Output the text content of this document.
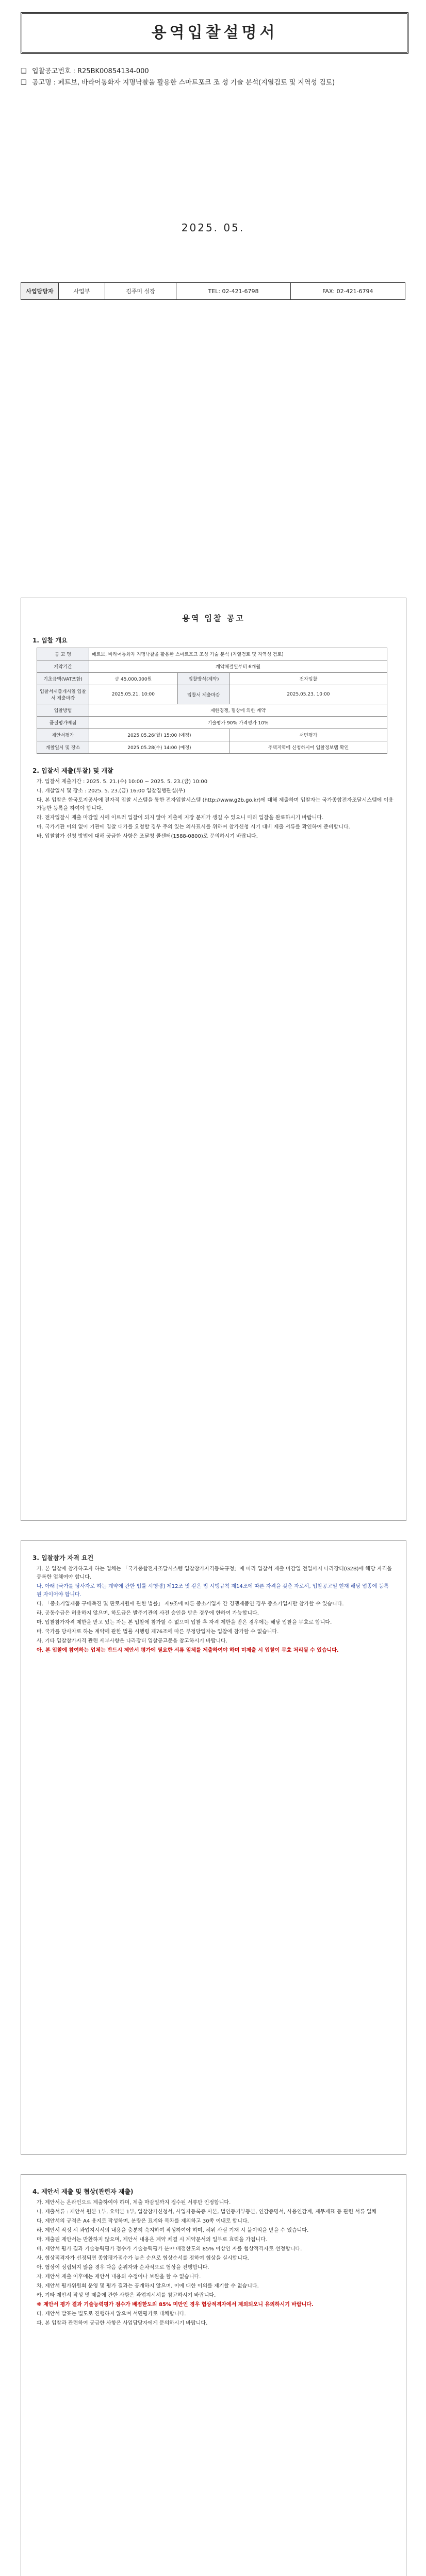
용역입찰설명서
❑ 입찰공고번호 : R25BK00854134-000
❑ 공고명 : 페트보, 바라어통화자 지명낙찰을 활용한 스마트포크 조 성 기술 분석(지열검토 및 지역성 검토)
2025. 05.
사업담당자	사업부	김주미 실장	TEL: 02-421-6798	FAX: 02-421-6794
용역 입찰 공고
1. 입찰 개요
공 고 명	페트보, 바라어통화자 지명낙찰을 활용한 스마트포크 조성 기술 분석 (지열검토 및 지역성 검토)		
계약기간	계약체결일부터 6개월		
기초금액(VAT포함)	금 45,000,000원	입찰방식(계약)	전자입찰
입찰서제출개시일 입찰서 제출마감	2025.05.21. 10:00	입찰서 제출마감	2025.05.23. 10:00
입찰방법	제한경쟁, 협상에 의한 계약		
품질평가배점	기술평가 90% 가격평가 10%		
제안서평가	2025.05.26(월) 15:00 (예정)		서면평가
개찰일시 및 장소	2025.05.28(수) 14:00 (예정)		주택지역에 신청하시어 입찰정보탭 확인
2. 입찰서 제출(투찰) 및 개찰
가. 입찰서 제출기간 : 2025. 5. 21.(수) 10:00 ~ 2025. 5. 23.(금) 10:00
나. 개찰일시 및 장소 : 2025. 5. 23.(금) 16:00 입찰집행관실(우)
다. 본 입찰은 한국토지공사에 전자적 입찰 시스템을 통한 전자입찰시스템 (http://www.g2b.go.kr)에 대해 제출하며 입찰자는 국가종합전자조달시스템에 이용 가능한 등록을 하여야 합니다.
라. 전자입찰시 제출 마감일 시에 이르러 입찰이 되지 않아 제출에 지장 문제가 생길 수 있으니 미리 입찰을 완료하시기 바랍니다.
마. 국가기관 이의 없이 기관에 입찰 대가를 요청할 경우 주의 있는 의사표시를 위하여 참가신청 시기 대비 제출 서류를 확인하여 준비합니다.
바. 입찰참가 신청 방법에 대해 궁금한 사항은 조달청 콜센터(1588-0800)로 문의하시기 바랍니다.
3. 입찰참가 자격 요건
가. 본 입찰에 참가하고자 하는 업체는 「국가종합전자조달시스템 입찰참가자격등록규정」에 따라 입찰서 제출 마감일 전일까지 나라장터(G2B)에 해당 자격을 등록한 업체여야 합니다.
나. 아래 [국가를 당사자로 하는 계약에 관한 법률 시행령] 제12조 및 같은 법 시행규칙 제14조에 따른 자격을 갖춘 자로서, 입찰공고일 현재 해당 업종에 등록된 자이어야 합니다.
다. 「중소기업제품 구매촉진 및 판로지원에 관한 법률」 제9조에 따른 중소기업자 간 경쟁제품인 경우 중소기업자만 참가할 수 있습니다.
라. 공동수급은 허용하지 않으며, 하도급은 발주기관의 사전 승인을 받은 경우에 한하여 가능합니다.
마. 입찰참가자격 제한을 받고 있는 자는 본 입찰에 참가할 수 없으며 입찰 후 자격 제한을 받은 경우에는 해당 입찰을 무효로 합니다.
바. 국가를 당사자로 하는 계약에 관한 법률 시행령 제76조에 따른 부정당업자는 입찰에 참가할 수 없습니다.
사. 기타 입찰참가자격 관련 세부사항은 나라장터 입찰공고문을 참고하시기 바랍니다.
아. 본 입찰에 참여하는 업체는 반드시 제안서 평가에 필요한 서류 일체를 제출하여야 하며 미제출 시 입찰이 무효 처리될 수 있습니다.
4. 제안서 제출 및 협상(관련자 제출)
가. 제안서는 온라인으로 제출하여야 하며, 제출 마감일까지 접수된 서류만 인정합니다.
나. 제출서류 : 제안서 원본 1부, 요약본 1부, 입찰참가신청서, 사업자등록증 사본, 법인등기부등본, 인감증명서, 사용인감계, 재무제표 등 관련 서류 일체
다. 제안서의 규격은 A4 용지로 작성하며, 분량은 표지와 목차를 제외하고 30쪽 이내로 합니다.
라. 제안서 작성 시 과업지시서의 내용을 충분히 숙지하여 작성하여야 하며, 허위 사실 기재 시 불이익을 받을 수 있습니다.
마. 제출된 제안서는 반환하지 않으며, 제안서 내용은 계약 체결 시 계약문서의 일부로 효력을 가집니다.
바. 제안서 평가 결과 기술능력평가 점수가 기술능력평가 분야 배점한도의 85% 이상인 자를 협상적격자로 선정합니다.
사. 협상적격자가 선정되면 종합평가점수가 높은 순으로 협상순서를 정하여 협상을 실시합니다.
아. 협상이 성립되지 않을 경우 다음 순위자와 순차적으로 협상을 진행합니다.
자. 제안서 제출 이후에는 제안서 내용의 수정이나 보완을 할 수 없습니다.
차. 제안서 평가위원회 운영 및 평가 결과는 공개하지 않으며, 이에 대한 이의를 제기할 수 없습니다.
카. 기타 제안서 작성 및 제출에 관한 사항은 과업지시서를 참고하시기 바랍니다.
※ 제안서 평가 결과 기술능력평가 점수가 배점한도의 85% 미만인 경우 협상적격자에서 제외되오니 유의하시기 바랍니다.
타. 제안서 발표는 별도로 진행하지 않으며 서면평가로 대체합니다.
파. 본 입찰과 관련하여 궁금한 사항은 사업담당자에게 문의하시기 바랍니다.
